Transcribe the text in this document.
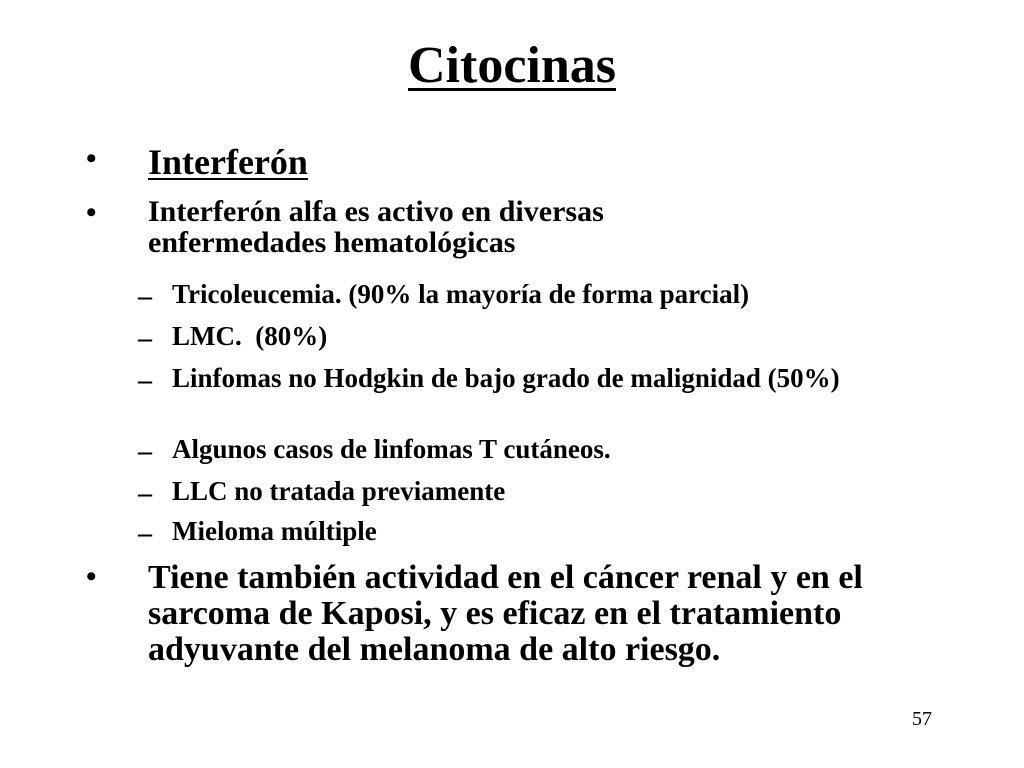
Citocinas
• Interferón
• Interferón alfa es activo en diversas enfermedades hematológicas
– Tricoleucemia. (90% la mayoría de forma parcial)
– LMC.  (80%)
– Linfomas no Hodgkin de bajo grado de malignidad (50%)
– Algunos casos de linfomas T cutáneos.
– LLC no tratada previamente
– Mieloma múltiple
• Tiene también actividad en el cáncer renal y en el sarcoma de Kaposi, y es eficaz en el tratamiento adyuvante del melanoma de alto riesgo.
57
